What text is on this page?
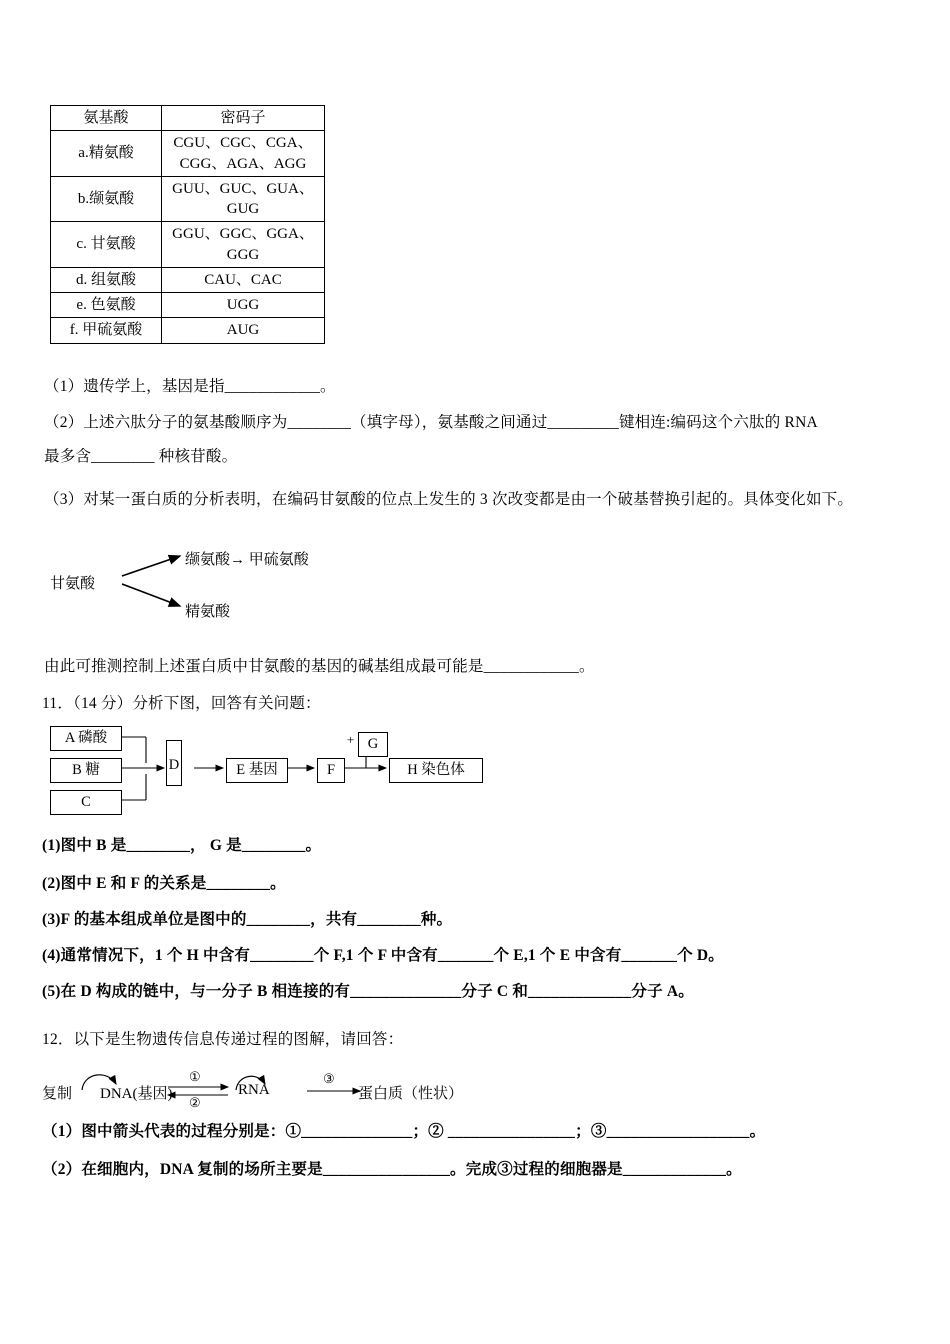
氨基酸	密码子
a.精氨酸	CGU、CGC、CGA、CGG、AGA、AGG
b.缬氨酸	GUU、GUC、GUA、GUG
c. 甘氨酸	GGU、GGC、GGA、GGG
d. 组氨酸	CAU、CAC
e. 色氨酸	UGG
f. 甲硫氨酸	AUG
（1）遗传学上，基因是指____________。
（2）上述六肽分子的氨基酸顺序为________（填字母），氨基酸之间通过_________键相连:编码这个六肽的 RNA
最多含________ 种核苷酸。
（3）对某一蛋白质的分析表明，在编码甘氨酸的位点上发生的 3 次改变都是由一个破基替换引起的。具体变化如下。
甘氨酸
缬氨酸→ 甲硫氨酸
精氨酸
由此可推测控制上述蛋白质中甘氨酸的基因的碱基组成最可能是____________。
11．（14 分）分析下图，回答有关问题：
A 磷酸
B 糖
C
D	E 基因	F
+ G
H 染色体
(1)图中 B 是________， G 是________。
(2)图中 E 和 F 的关系是________。
(3)F 的基本组成单位是图中的________，共有________种。
(4)通常情况下，1 个 H 中含有________个 F,1 个 F 中含有_______个 E,1 个 E 中含有_______个 D。
(5)在 D 构成的链中，与一分子 B 相连接的有______________分子 C 和_____________分子 A。
12．以下是生物遗传信息传递过程的图解，请回答：
复制 DNA(基因)
①
②
RNA
③
蛋白质（性状）
（1）图中箭头代表的过程分别是：①______________；② ________________；③__________________。
（2）在细胞内，DNA 复制的场所主要是________________。完成③过程的细胞器是_____________。
